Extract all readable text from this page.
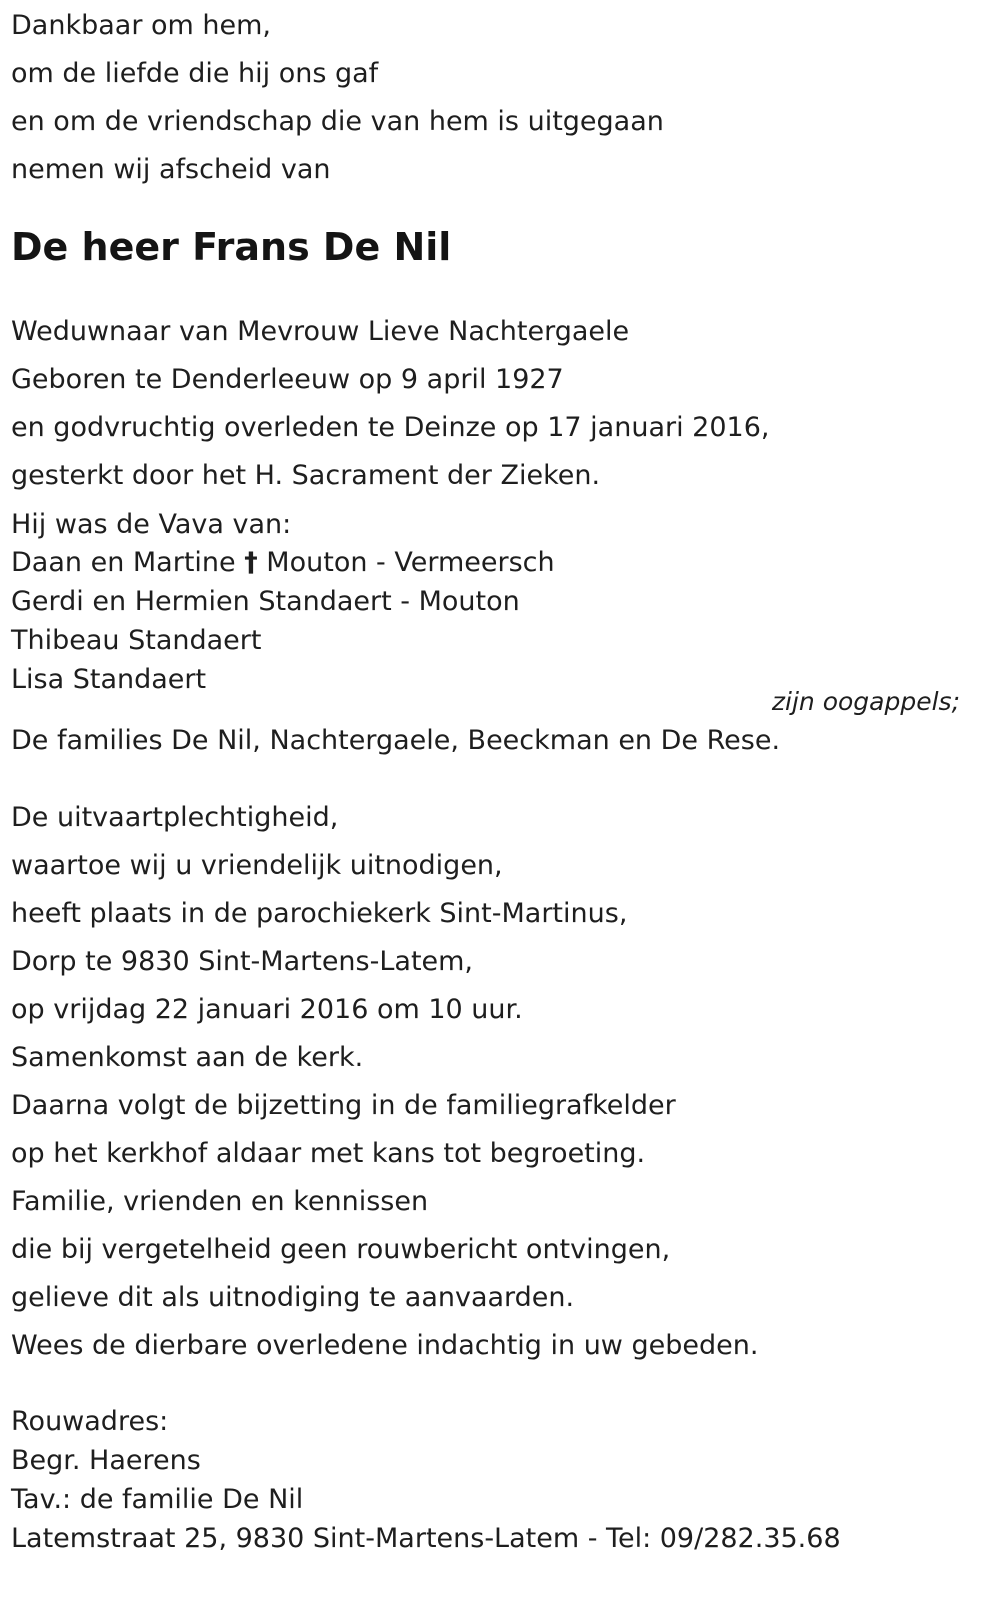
Dankbaar om hem,
om de liefde die hij ons gaf
en om de vriendschap die van hem is uitgegaan
nemen wij afscheid van
De heer Frans De Nil
Weduwnaar van Mevrouw Lieve Nachtergaele
Geboren te Denderleeuw op 9 april 1927
en godvruchtig overleden te Deinze op 17 januari 2016,
gesterkt door het H. Sacrament der Zieken.
Hij was de Vava van:
Daan en Martine † Mouton - Vermeersch
Gerdi en Hermien Standaert - Mouton
Thibeau Standaert
Lisa Standaert
zijn oogappels;
De families De Nil, Nachtergaele, Beeckman en De Rese.
De uitvaartplechtigheid,
waartoe wij u vriendelijk uitnodigen,
heeft plaats in de parochiekerk Sint-Martinus,
Dorp te 9830 Sint-Martens-Latem,
op vrijdag 22 januari 2016 om 10 uur.
Samenkomst aan de kerk.
Daarna volgt de bijzetting in de familiegrafkelder
op het kerkhof aldaar met kans tot begroeting.
Familie, vrienden en kennissen
die bij vergetelheid geen rouwbericht ontvingen,
gelieve dit als uitnodiging te aanvaarden.
Wees de dierbare overledene indachtig in uw gebeden.
Rouwadres:
Begr. Haerens
Tav.: de familie De Nil
Latemstraat 25, 9830 Sint-Martens-Latem - Tel: 09/282.35.68
